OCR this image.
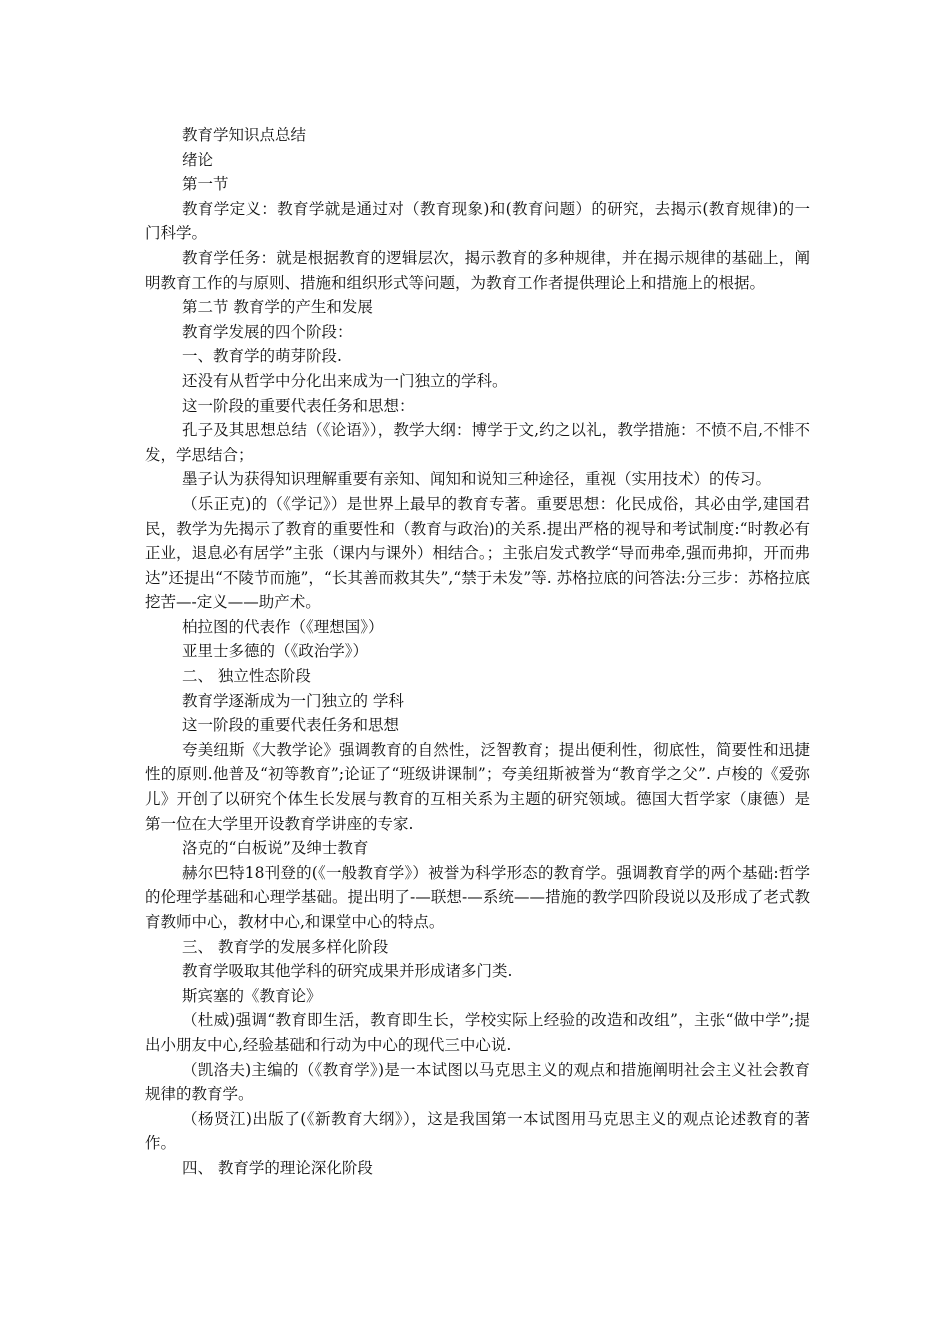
教育学知识点总结

绪论

第一节

教育学定义：教育学就是通过对（教育现象)和(教育问题）的研究，去揭示(教育规律)的一门科学。

教育学任务：就是根据教育的逻辑层次，揭示教育的多种规律，并在揭示规律的基础上，阐明教育工作的与原则、措施和组织形式等问题，为教育工作者提供理论上和措施上的根据。

第二节 教育学的产生和发展

教育学发展的四个阶段：

一、教育学的萌芽阶段.

还没有从哲学中分化出来成为一门独立的学科。

这一阶段的重要代表任务和思想：

孔子及其思想总结（《论语》），教学大纲：博学于文,约之以礼，教学措施：不愤不启,不悱不发，学思结合；

墨子认为获得知识理解重要有亲知、闻知和说知三种途径，重视（实用技术）的传习。

（乐正克)的（《学记》）是世界上最早的教育专著。重要思想：化民成俗，其必由学,建国君民，教学为先揭示了教育的重要性和（教育与政治)的关系.提出严格的视导和考试制度:“时教必有正业，退息必有居学”主张（课内与课外）相结合。；主张启发式教学“导而弗牵,强而弗抑，开而弗达”还提出“不陵节而施”，“长其善而救其失”,“禁于未发”等. 苏格拉底的问答法:分三步：苏格拉底挖苦—-定义——助产术。

柏拉图的代表作（《理想国》）

亚里士多德的（《政治学》）

二、 独立性态阶段

教育学逐渐成为一门独立的 学科

这一阶段的重要代表任务和思想

夸美纽斯《大教学论》强调教育的自然性，泛智教育；提出便利性，彻底性，简要性和迅捷性的原则.他普及“初等教育”;论证了“班级讲课制”；夸美纽斯被誉为“教育学之父”. 卢梭的《爱弥儿》开创了以研究个体生长发展与教育的互相关系为主题的研究领域。德国大哲学家（康德）是第一位在大学里开设教育学讲座的专家.

洛克的“白板说”及绅士教育

赫尔巴特18刊登的(《一般教育学》）被誉为科学形态的教育学。强调教育学的两个基础:哲学的伦理学基础和心理学基础。提出明了-—联想-—系统——措施的教学四阶段说以及形成了老式教育教师中心，教材中心,和课堂中心的特点。

三、 教育学的发展多样化阶段

教育学吸取其他学科的研究成果并形成诸多门类.

斯宾塞的《教育论》

（杜威)强调“教育即生活，教育即生长，学校实际上经验的改造和改组”，主张“做中学”;提出小朋友中心,经验基础和行动为中心的现代三中心说.

（凯洛夫)主编的（《教育学》)是一本试图以马克思主义的观点和措施阐明社会主义社会教育规律的教育学。

（杨贤江)出版了(《新教育大纲》），这是我国第一本试图用马克思主义的观点论述教育的著作。

四、 教育学的理论深化阶段
